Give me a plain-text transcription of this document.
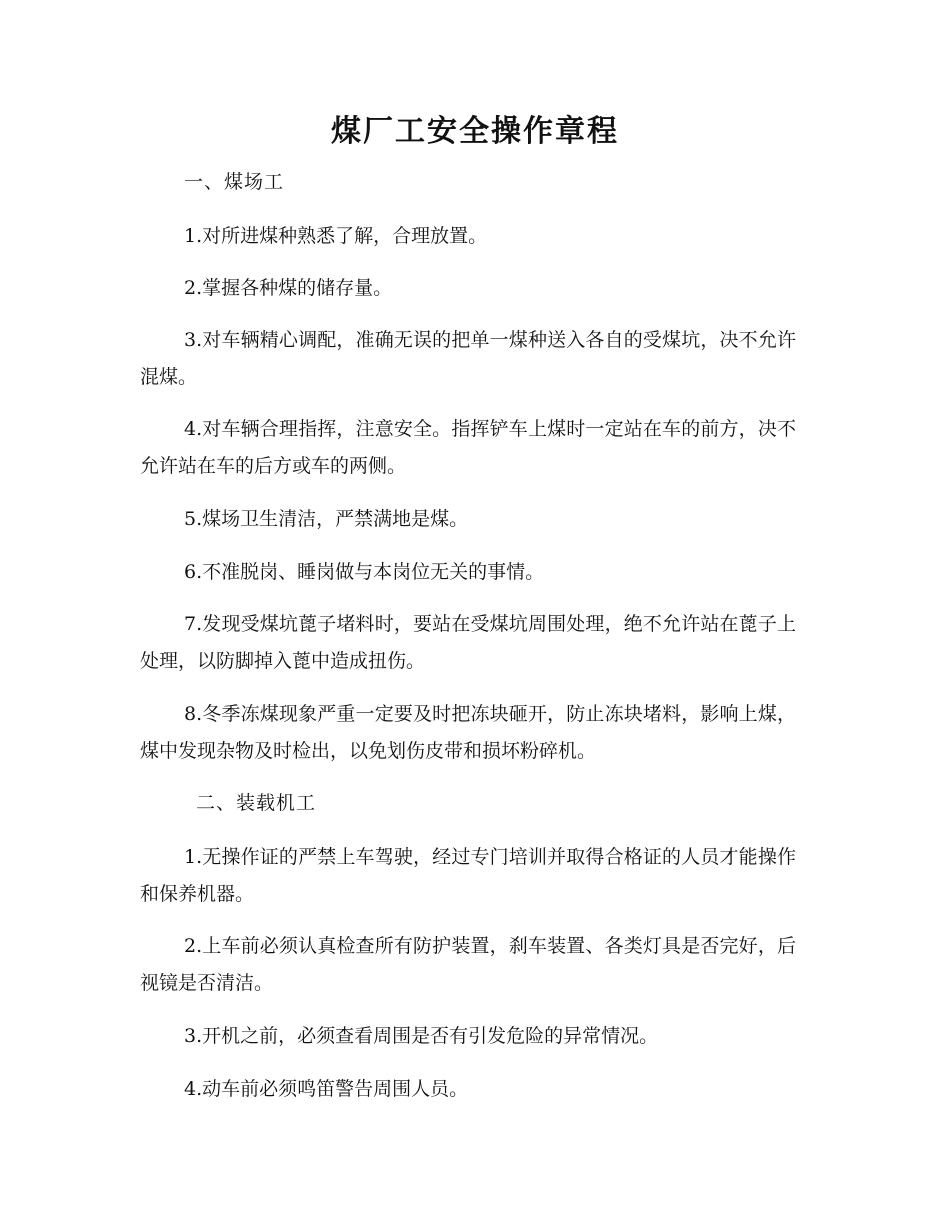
煤厂工安全操作章程

一、煤场工

1.对所进煤种熟悉了解，合理放置。

2.掌握各种煤的储存量。

3.对车辆精心调配，准确无误的把单一煤种送入各自的受煤坑，决不允许混煤。

4.对车辆合理指挥，注意安全。指挥铲车上煤时一定站在车的前方，决不允许站在车的后方或车的两侧。

5.煤场卫生清洁，严禁满地是煤。

6.不准脱岗、睡岗做与本岗位无关的事情。

7.发现受煤坑蓖子堵料时，要站在受煤坑周围处理，绝不允许站在蓖子上处理，以防脚掉入蓖中造成扭伤。

8.冬季冻煤现象严重一定要及时把冻块砸开，防止冻块堵料，影响上煤，煤中发现杂物及时检出，以免划伤皮带和损坏粉碎机。

二、装载机工

1.无操作证的严禁上车驾驶，经过专门培训并取得合格证的人员才能操作和保养机器。

2.上车前必须认真检查所有防护装置，刹车装置、各类灯具是否完好，后视镜是否清洁。

3.开机之前，必须查看周围是否有引发危险的异常情况。

4.动车前必须鸣笛警告周围人员。
